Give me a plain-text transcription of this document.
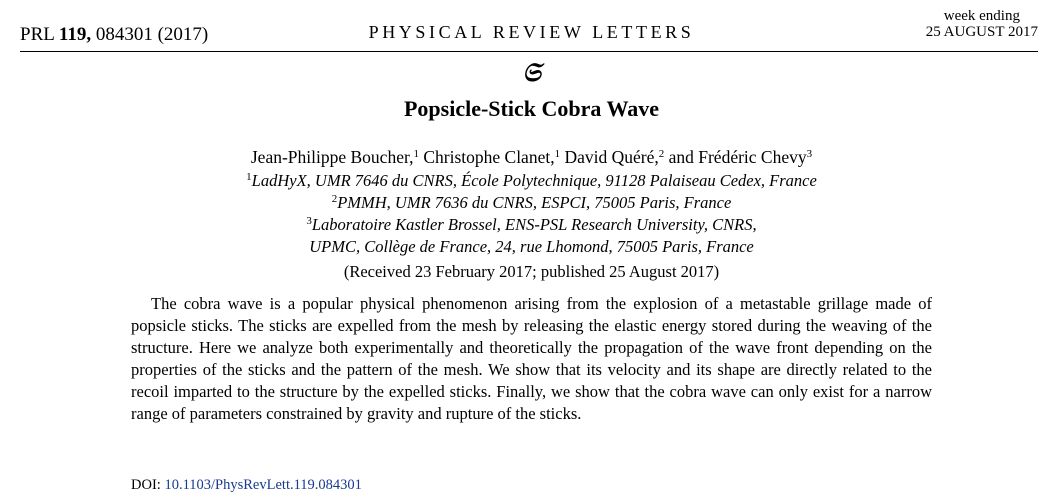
PRL 119, 084301 (2017)	PHYSICAL REVIEW LETTERS
week ending
25 AUGUST 2017
𝔖
Popsicle-Stick Cobra Wave
Jean-Philippe Boucher,$^1$ Christophe Clanet,$^1$ David Quéré,$^2$ and Frédéric Chevy$^3$
$^1$LadHyX, UMR 7646 du CNRS, École Polytechnique, 91128 Palaiseau Cedex, France
$^2$PMMH, UMR 7636 du CNRS, ESPCI, 75005 Paris, France
$^3$Laboratoire Kastler Brossel, ENS-PSL Research University, CNRS,
UPMC, Collège de France, 24, rue Lhomond, 75005 Paris, France
(Received 23 February 2017; published 25 August 2017)

The cobra wave is a popular physical phenomenon arising from the explosion of a metastable grillage made of popsicle sticks. The sticks are expelled from the mesh by releasing the elastic energy stored during the weaving of the structure. Here we analyze both experimentally and theoretically the propagation of the wave front depending on the properties of the sticks and the pattern of the mesh. We show that its velocity and its shape are directly related to the recoil imparted to the structure by the expelled sticks. Finally, we show that the cobra wave can only exist for a narrow range of parameters constrained by gravity and rupture of the sticks.

DOI: 10.1103/PhysRevLett.119.084301
